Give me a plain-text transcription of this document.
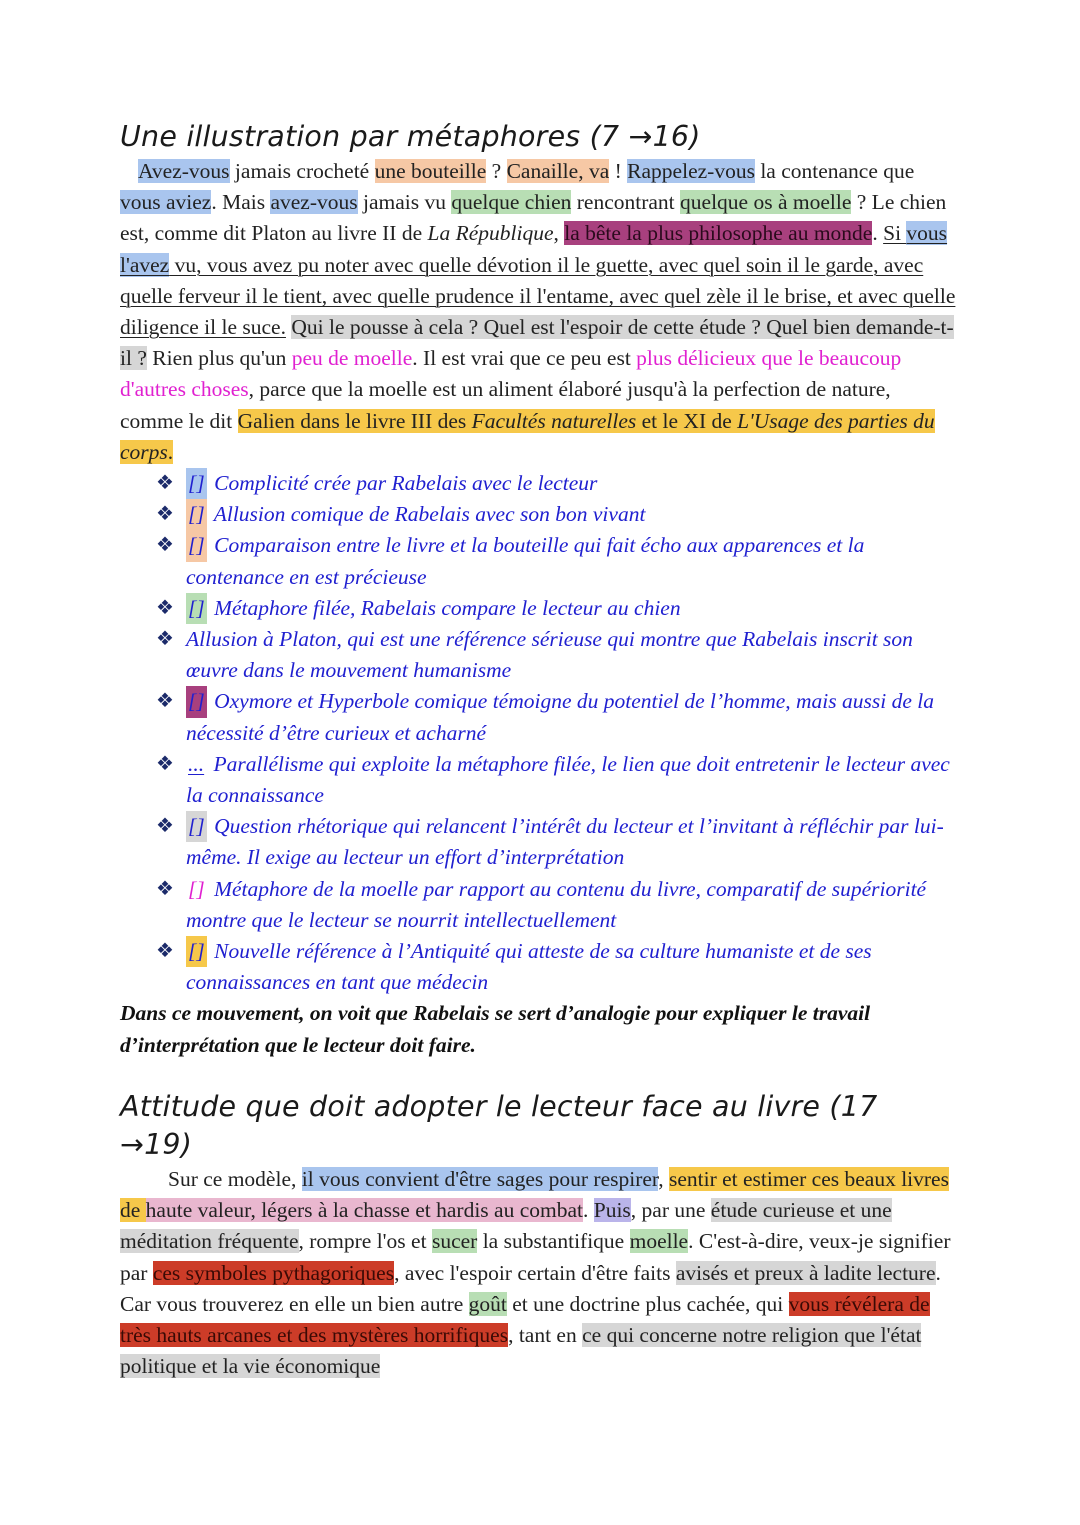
Une illustration par métaphores (7 →16)

Avez-vous jamais crocheté une bouteille ? Canaille, va ! Rappelez-vous la contenance que vous aviez. Mais avez-vous jamais vu quelque chien rencontrant quelque os à moelle ? Le chien est, comme dit Platon au livre II de La République, la bête la plus philosophe au monde. Si vous l'avez vu, vous avez pu noter avec quelle dévotion il le guette, avec quel soin il le garde, avec quelle ferveur il le tient, avec quelle prudence il l'entame, avec quel zèle il le brise, et avec quelle diligence il le suce. Qui le pousse à cela ? Quel est l'espoir de cette étude ? Quel bien demande-t-il ? Rien plus qu'un peu de moelle. Il est vrai que ce peu est plus délicieux que le beaucoup d'autres choses, parce que la moelle est un aliment élaboré jusqu'à la perfection de nature, comme le dit Galien dans le livre III des Facultés naturelles et le XI de L'Usage des parties du corps.

❖ [] Complicité crée par Rabelais avec le lecteur
❖ [] Allusion comique de Rabelais avec son bon vivant
❖ [] Comparaison entre le livre et la bouteille qui fait écho aux apparences et la contenance en est précieuse
❖ [] Métaphore filée, Rabelais compare le lecteur au chien
❖ Allusion à Platon, qui est une référence sérieuse qui montre que Rabelais inscrit son œuvre dans le mouvement humanisme
❖ [] Oxymore et Hyperbole comique témoigne du potentiel de l’homme, mais aussi de la nécessité d’être curieux et acharné
❖ ... Parallélisme qui exploite la métaphore filée, le lien que doit entretenir le lecteur avec la connaissance
❖ [] Question rhétorique qui relancent l’intérêt du lecteur et l’invitant à réfléchir par lui-même. Il exige au lecteur un effort d’interprétation
❖ [] Métaphore de la moelle par rapport au contenu du livre, comparatif de supériorité montre que le lecteur se nourrit intellectuellement
❖ [] Nouvelle référence à l’Antiquité qui atteste de sa culture humaniste et de ses connaissances en tant que médecin

Dans ce mouvement, on voit que Rabelais se sert d’analogie pour expliquer le travail d’interprétation que le lecteur doit faire.

Attitude que doit adopter le lecteur face au livre (17 →19)

Sur ce modèle, il vous convient d'être sages pour respirer, sentir et estimer ces beaux livres de haute valeur, légers à la chasse et hardis au combat. Puis, par une étude curieuse et une méditation fréquente, rompre l'os et sucer la substantifique moelle. C'est-à-dire, veux-je signifier par ces symboles pythagoriques, avec l'espoir certain d'être faits avisés et preux à ladite lecture. Car vous trouverez en elle un bien autre goût et une doctrine plus cachée, qui vous révélera de très hauts arcanes et des mystères horrifiques, tant en ce qui concerne notre religion que l'état politique et la vie économique
